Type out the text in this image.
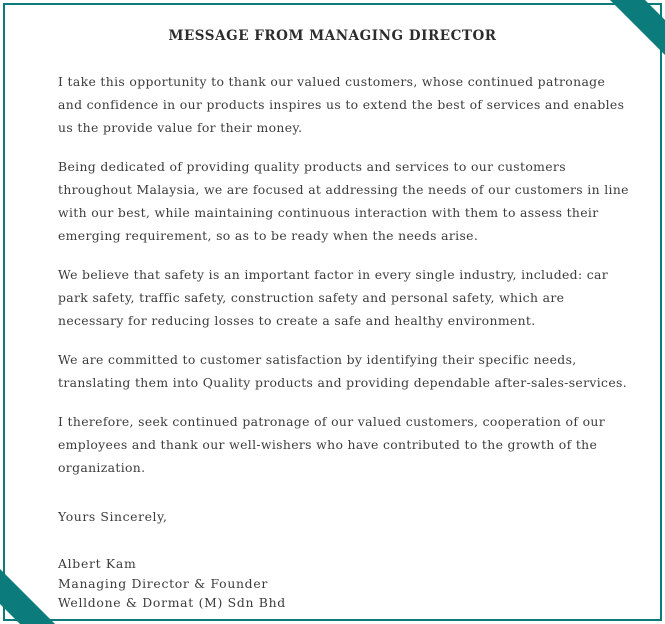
MESSAGE FROM MANAGING DIRECTOR

I take this opportunity to thank our valued customers, whose continued patronage and confidence in our products inspires us to extend the best of services and enables us the provide value for their money.

Being dedicated of providing quality products and services to our customers throughout Malaysia, we are focused at addressing the needs of our customers in line with our best, while maintaining continuous interaction with them to assess their emerging requirement, so as to be ready when the needs arise.

We believe that safety is an important factor in every single industry, included: car park safety, traffic safety, construction safety and personal safety, which are necessary for reducing losses to create a safe and healthy environment.

We are committed to customer satisfaction by identifying their specific needs, translating them into Quality products and providing dependable after-sales-services.

I therefore, seek continued patronage of our valued customers, cooperation of our employees and thank our well-wishers who have contributed to the growth of the organization.

Yours Sincerely,

Albert Kam

Managing Director & Founder

Welldone & Dormat (M) Sdn Bhd
